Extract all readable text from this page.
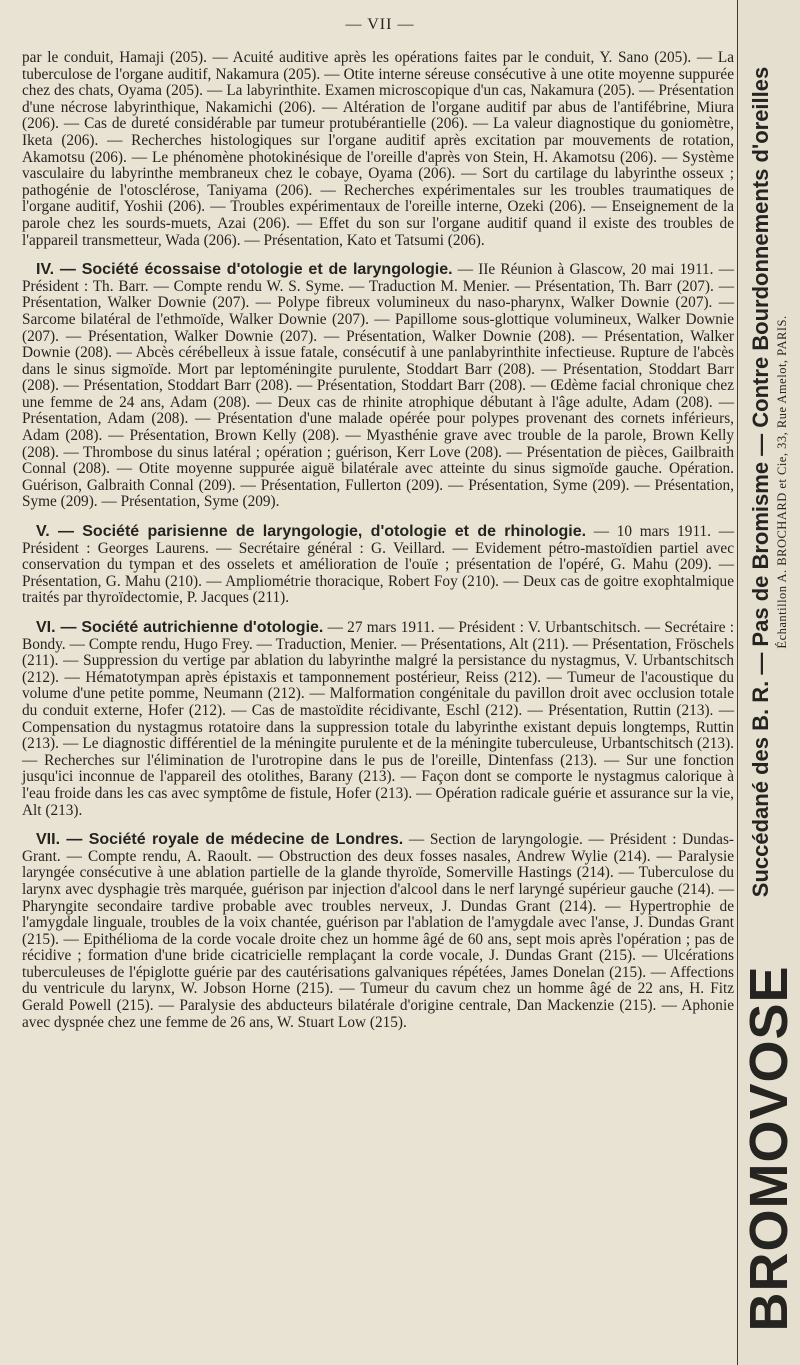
— VII —

par le conduit, Hamaji (205). — Acuité auditive après les opérations faites par le conduit, Y. Sano (205). — La tuberculose de l'organe auditif, Nakamura (205). — Otite interne séreuse consécutive à une otite moyenne suppurée chez des chats, Oyama (205). — La labyrinthite. Examen microscopique d'un cas, Nakamura (205). — Présentation d'une nécrose labyrinthique, Nakamichi (206). — Altération de l'organe auditif par abus de l'antifébrine, Miura (206). — Cas de dureté considérable par tumeur protubérantielle (206). — La valeur diagnostique du goniomètre, Iketa (206). — Recherches histologiques sur l'organe auditif après excitation par mouvements de rotation, Akamotsu (206). — Le phénomène photokinésique de l'oreille d'après von Stein, H. Akamotsu (206). — Système vasculaire du labyrinthe membraneux chez le cobaye, Oyama (206). — Sort du cartilage du labyrinthe osseux ; pathogénie de l'otosclérose, Taniyama (206). — Recherches expérimentales sur les troubles traumatiques de l'organe auditif, Yoshii (206). — Troubles expérimentaux de l'oreille interne, Ozeki (206). — Enseignement de la parole chez les sourds-muets, Azai (206). — Effet du son sur l'organe auditif quand il existe des troubles de l'appareil transmetteur, Wada (206). — Présentation, Kato et Tatsumi (206).

IV. — Société écossaise d'otologie et de laryngologie. — IIe Réunion à Glascow, 20 mai 1911. — Président : Th. Barr. — Compte rendu W. S. Syme. — Traduction M. Menier. — Présentation, Th. Barr (207). — Présentation, Walker Downie (207). — Polype fibreux volumineux du naso-pharynx, Walker Downie (207). — Sarcome bilatéral de l'ethmoïde, Walker Downie (207). — Papillome sous-glottique volumineux, Walker Downie (207). — Présentation, Walker Downie (207). — Présentation, Walker Downie (208). — Présentation, Walker Downie (208). — Abcès cérébelleux à issue fatale, consécutif à une panlabyrinthite infectieuse. Rupture de l'abcès dans le sinus sigmoïde. Mort par leptoméningite purulente, Stoddart Barr (208). — Présentation, Stoddart Barr (208). — Présentation, Stoddart Barr (208). — Présentation, Stoddart Barr (208). — Œdème facial chronique chez une femme de 24 ans, Adam (208). — Deux cas de rhinite atrophique débutant à l'âge adulte, Adam (208). — Présentation, Adam (208). — Présentation d'une malade opérée pour polypes provenant des cornets inférieurs, Adam (208). — Présentation, Brown Kelly (208). — Myasthénie grave avec trouble de la parole, Brown Kelly (208). — Thrombose du sinus latéral ; opération ; guérison, Kerr Love (208). — Présentation de pièces, Gailbraith Connal (208). — Otite moyenne suppurée aiguë bilatérale avec atteinte du sinus sigmoïde gauche. Opération. Guérison, Galbraith Connal (209). — Présentation, Fullerton (209). — Présentation, Syme (209). — Présentation, Syme (209). — Présentation, Syme (209).

V. — Société parisienne de laryngologie, d'otologie et de rhinologie. — 10 mars 1911. — Président : Georges Laurens. — Secrétaire général : G. Veillard. — Evidement pétro-mastoïdien partiel avec conservation du tympan et des osselets et amélioration de l'ouïe ; présentation de l'opéré, G. Mahu (209). — Présentation, G. Mahu (210). — Ampliométrie thoracique, Robert Foy (210). — Deux cas de goitre exophtalmique traités par thyroïdectomie, P. Jacques (211).

VI. — Société autrichienne d'otologie. — 27 mars 1911. — Président : V. Urbantschitsch. — Secrétaire : Bondy. — Compte rendu, Hugo Frey. — Traduction, Menier. — Présentations, Alt (211). — Présentation, Fröschels (211). — Suppression du vertige par ablation du labyrinthe malgré la persistance du nystagmus, V. Urbantschitsch (212). — Hématotympan après épistaxis et tamponnement postérieur, Reiss (212). — Tumeur de l'acoustique du volume d'une petite pomme, Neumann (212). — Malformation congénitale du pavillon droit avec occlusion totale du conduit externe, Hofer (212). — Cas de mastoïdite récidivante, Eschl (212). — Présentation, Ruttin (213). — Compensation du nystagmus rotatoire dans la suppression totale du labyrinthe existant depuis longtemps, Ruttin (213). — Le diagnostic différentiel de la méningite purulente et de la méningite tuberculeuse, Urbantschitsch (213). — Recherches sur l'élimination de l'urotropine dans le pus de l'oreille, Dintenfass (213). — Sur une fonction jusqu'ici inconnue de l'appareil des otolithes, Barany (213). — Façon dont se comporte le nystagmus calorique à l'eau froide dans les cas avec symptôme de fistule, Hofer (213). — Opération radicale guérie et assurance sur la vie, Alt (213).

VII. — Société royale de médecine de Londres. — Section de laryngologie. — Président : Dundas-Grant. — Compte rendu, A. Raoult. — Obstruction des deux fosses nasales, Andrew Wylie (214). — Paralysie laryngée consécutive à une ablation partielle de la glande thyroïde, Somerville Hastings (214). — Tuberculose du larynx avec dysphagie très marquée, guérison par injection d'alcool dans le nerf laryngé supérieur gauche (214). — Pharyngite secondaire tardive probable avec troubles nerveux, J. Dundas Grant (214). — Hypertrophie de l'amygdale linguale, troubles de la voix chantée, guérison par l'ablation de l'amygdale avec l'anse, J. Dundas Grant (215). — Epithélioma de la corde vocale droite chez un homme âgé de 60 ans, sept mois après l'opération ; pas de récidive ; formation d'une bride cicatricielle remplaçant la corde vocale, J. Dundas Grant (215). — Ulcérations tuberculeuses de l'épiglotte guérie par des cautérisations galvaniques répétées, James Donelan (215). — Affections du ventricule du larynx, W. Jobson Horne (215). — Tumeur du cavum chez un homme âgé de 22 ans, H. Fitz Gerald Powell (215). — Paralysie des abducteurs bilatérale d'origine centrale, Dan Mackenzie (215). — Aphonie avec dyspnée chez une femme de 26 ans, W. Stuart Low (215).	BROMOVOSE
Succédané des B. R. — Pas de Bromisme — Contre Bourdonnements d'oreilles Échantillon A. BROCHARD et Cie, 33, Rue Amelot, PARIS.
